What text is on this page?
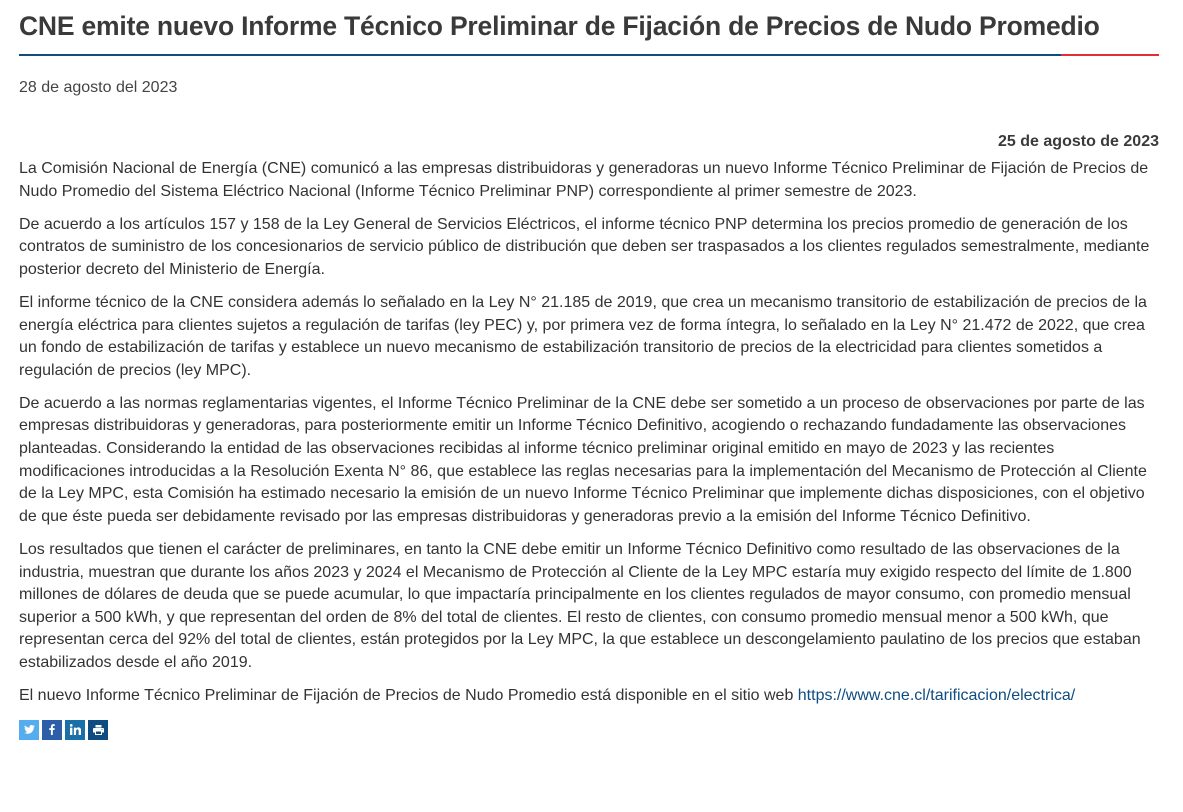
CNE emite nuevo Informe Técnico Preliminar de Fijación de Precios de Nudo Promedio
28 de agosto del 2023
25 de agosto de 2023

La Comisión Nacional de Energía (CNE) comunicó a las empresas distribuidoras y generadoras un nuevo Informe Técnico Preliminar de Fijación de Precios de Nudo Promedio del Sistema Eléctrico Nacional (Informe Técnico Preliminar PNP) correspondiente al primer semestre de 2023.

De acuerdo a los artículos 157 y 158 de la Ley General de Servicios Eléctricos, el informe técnico PNP determina los precios promedio de generación de los contratos de suministro de los concesionarios de servicio público de distribución que deben ser traspasados a los clientes regulados semestralmente, mediante posterior decreto del Ministerio de Energía.

El informe técnico de la CNE considera además lo señalado en la Ley N° 21.185 de 2019, que crea un mecanismo transitorio de estabilización de precios de la energía eléctrica para clientes sujetos a regulación de tarifas (ley PEC) y, por primera vez de forma íntegra, lo señalado en la Ley N° 21.472 de 2022, que crea un fondo de estabilización de tarifas y establece un nuevo mecanismo de estabilización transitorio de precios de la electricidad para clientes sometidos a regulación de precios (ley MPC).

De acuerdo a las normas reglamentarias vigentes, el Informe Técnico Preliminar de la CNE debe ser sometido a un proceso de observaciones por parte de las empresas distribuidoras y generadoras, para posteriormente emitir un Informe Técnico Definitivo, acogiendo o rechazando fundadamente las observaciones planteadas. Considerando la entidad de las observaciones recibidas al informe técnico preliminar original emitido en mayo de 2023 y las recientes modificaciones introducidas a la Resolución Exenta N° 86, que establece las reglas necesarias para la implementación del Mecanismo de Protección al Cliente de la Ley MPC, esta Comisión ha estimado necesario la emisión de un nuevo Informe Técnico Preliminar que implemente dichas disposiciones, con el objetivo de que éste pueda ser debidamente revisado por las empresas distribuidoras y generadoras previo a la emisión del Informe Técnico Definitivo.

Los resultados que tienen el carácter de preliminares, en tanto la CNE debe emitir un Informe Técnico Definitivo como resultado de las observaciones de la industria, muestran que durante los años 2023 y 2024 el Mecanismo de Protección al Cliente de la Ley MPC estaría muy exigido respecto del límite de 1.800 millones de dólares de deuda que se puede acumular, lo que impactaría principalmente en los clientes regulados de mayor consumo, con promedio mensual superior a 500 kWh, y que representan del orden de 8% del total de clientes. El resto de clientes, con consumo promedio mensual menor a 500 kWh, que representan cerca del 92% del total de clientes, están protegidos por la Ley MPC, la que establece un descongelamiento paulatino de los precios que estaban estabilizados desde el año 2019.

El nuevo Informe Técnico Preliminar de Fijación de Precios de Nudo Promedio está disponible en el sitio web https://www.cne.cl/tarificacion/electrica/
